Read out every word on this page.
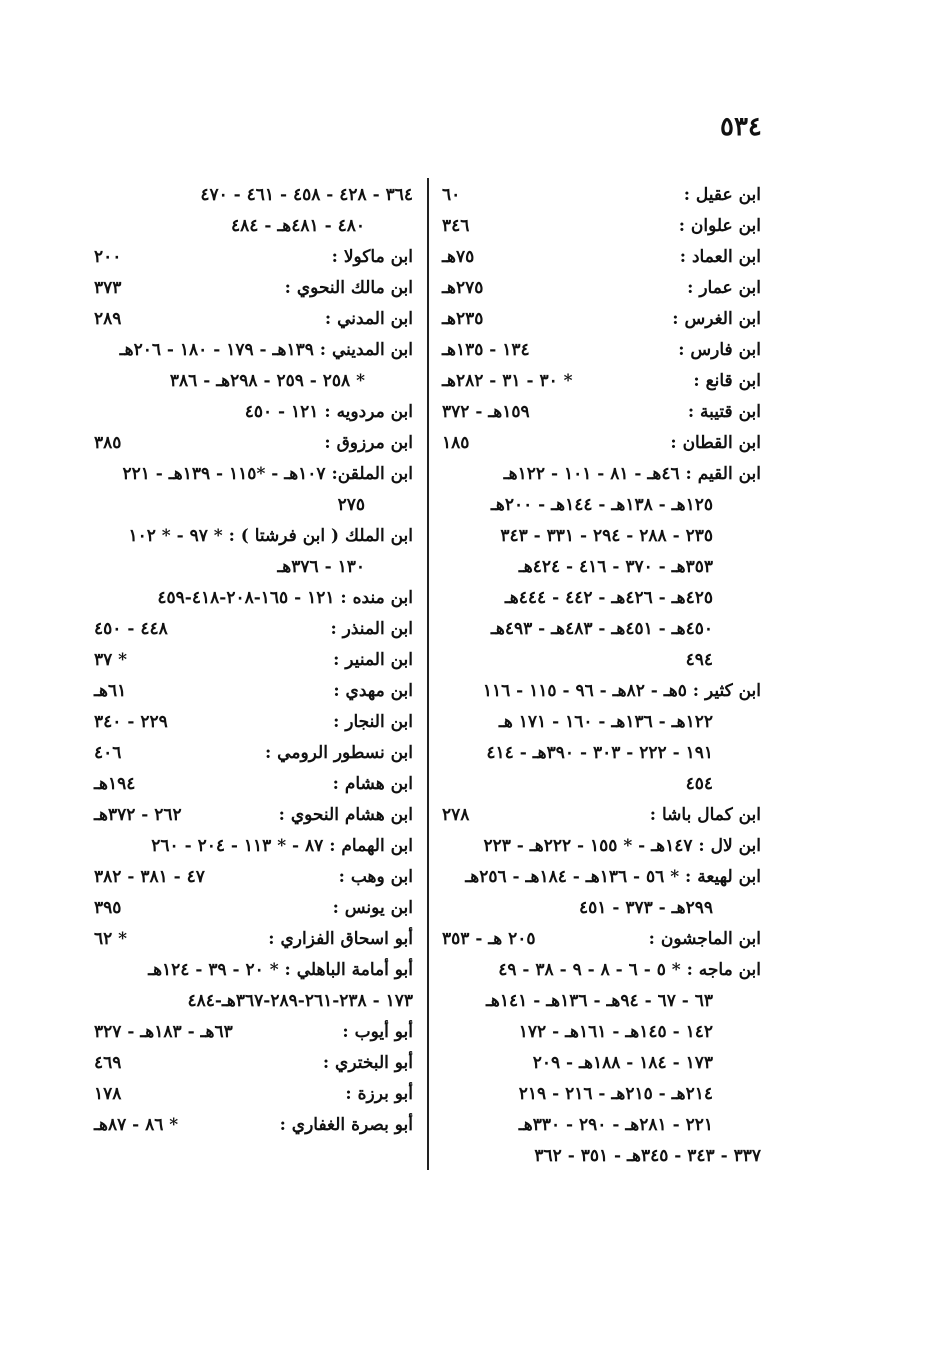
٥٣٤
ابن عقيل :
٦٠
ابن علوان :
٣٤٦
ابن العماد :
٧٥هـ
ابن عمار :
٢٧٥هـ
ابن الغرس :
٢٣٥هـ
ابن فارس :
١٣٤ - ١٣٥هـ
ابن قانع :
* ٣٠ - ٣١ - ٢٨٢هـ
ابن قتيبة :
١٥٩هـ - ٣٧٢
ابن القطان :
١٨٥
ابن القيم : ٤٦هـ - ٨١ - ١٠١ - ١٢٢هـ
١٢٥هـ - ١٣٨هـ - ١٤٤هـ - ٢٠٠هـ
٢٣٥ - ٢٨٨ - ٢٩٤ - ٣٣١ - ٣٤٣
٣٥٣هـ - ٣٧٠ - ٤١٦ - ٤٢٤هـ
٤٢٥هـ - ٤٢٦هـ - ٤٤٢ - ٤٤٤هـ
٤٥٠هـ - ٤٥١هـ - ٤٨٣هـ - ٤٩٣هـ
٤٩٤
ابن كثير : ٥هـ - ٨٢هـ - ٩٦ - ١١٥ - ١١٦
١٢٢هـ - ١٣٦هـ - ١٦٠ - ١٧١ هـ
١٩١ - ٢٢٢ - ٣٠٣ - ٣٩٠هـ - ٤١٤
٤٥٤
ابن كمال باشا :
٢٧٨
ابن لال : ١٤٧هـ - * ١٥٥ - ٢٢٢هـ - ٢٢٣
ابن لهيعة : * ٥٦ - ١٣٦هـ - ١٨٤هـ - ٢٥٦هـ
٢٩٩هـ - ٣٧٣ - ٤٥١
ابن الماجشون :
٢٠٥ هـ - ٣٥٣
ابن ماجه : * ٥ - ٦ - ٨ - ٩ - ٣٨ - ٤٩
٦٣ - ٦٧ - ٩٤هـ - ١٣٦هـ - ١٤١هـ
١٤٢ - ١٤٥هـ - ١٦١هـ - ١٧٢
١٧٣ - ١٨٤ - ١٨٨هـ - ٢٠٩
٢١٤هـ - ٢١٥هـ - ٢١٦ - ٢١٩
٢٢١ - ٢٨١هـ - ٢٩٠ - ٣٣٠هـ
٣٣٧ - ٣٤٣ - ٣٤٥هـ - ٣٥١ - ٣٦٢
٣٦٤ - ٤٢٨ - ٤٥٨ - ٤٦١ - ٤٧٠
٤٨٠ - ٤٨١هـ - ٤٨٤
ابن ماكولا :
٢٠٠
ابن مالك النحوي :
٣٧٣
ابن المدني :
٢٨٩
ابن المديني : ١٣٩هـ - ١٧٩ - ١٨٠ - ٢٠٦هـ
* ٢٥٨ - ٢٥٩ - ٢٩٨هـ - ٣٨٦
ابن مردويه : ١٢١ - ٤٥٠
ابن مرزوق :
٣٨٥
ابن الملقن: ١٠٧هـ - *١١٥ - ١٣٩هـ - ٢٢١
٢٧٥
ابن الملك ( ابن فرشتا ) : * ٩٧ - * ١٠٢
١٣٠ - ٣٧٦هـ
ابن منده : ١٢١ - ١٦٥-٢٠٨-٤١٨-٤٥٩
ابن المنذر :
٤٤٨ - ٤٥٠
ابن المنير :
* ٣٧
ابن مهدي :
٦١هـ
ابن النجار :
٢٢٩ - ٣٤٠
ابن نسطور الرومي :
٤٠٦
ابن هشام :
١٩٤هـ
ابن هشام النحوي :
٢٦٢ - ٣٧٢هـ
ابن الهمام : ٨٧ - * ١١٣ - ٢٠٤ - ٢٦٠
ابن وهب :
٤٧ - ٣٨١ - ٣٨٢
ابن يونس :
٣٩٥
أبو اسحاق الفزاري :
* ٦٢
أبو أمامة الباهلي : * ٢٠ - ٣٩ - ١٢٤هـ
١٧٣ - ٢٣٨-٢٦١-٢٨٩-٣٦٧هـ-٤٨٤
أبو أيوب :
٦٣هـ - ١٨٣هـ - ٣٢٧
أبو البختري :
٤٦٩
أبو برزة :
١٧٨
أبو بصرة الغفاري :
* ٨٦ - ٨٧هـ
